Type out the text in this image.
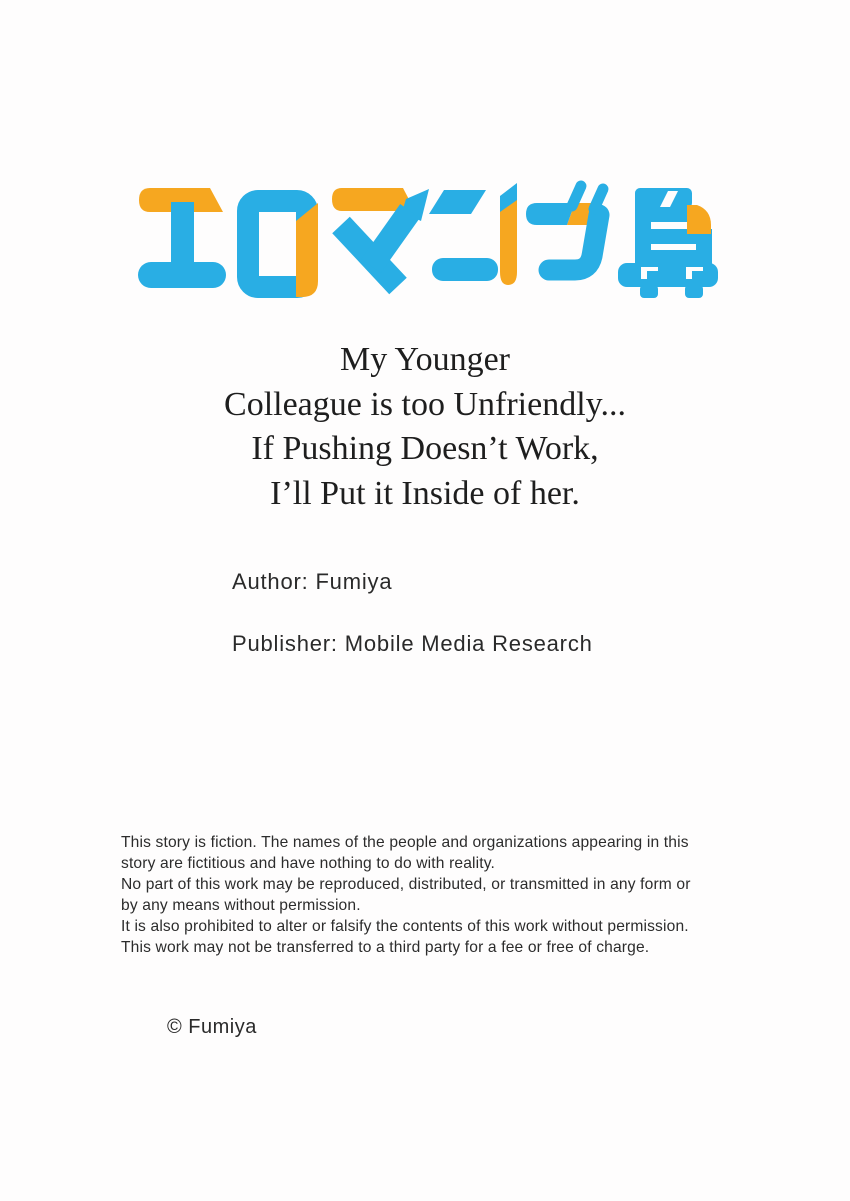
My Younger
Colleague is too Unfriendly...
If Pushing Doesn’t Work,
I’ll Put it Inside of her.
Author: Fumiya
Publisher: Mobile Media Research
This story is fiction. The names of the people and organizations appearing in this
story are fictitious and have nothing to do with reality.
No part of this work may be reproduced, distributed, or transmitted in any form or
by any means without permission.
It is also prohibited to alter or falsify the contents of this work without permission.
This work may not be transferred to a third party for a fee or free of charge.
© Fumiya
